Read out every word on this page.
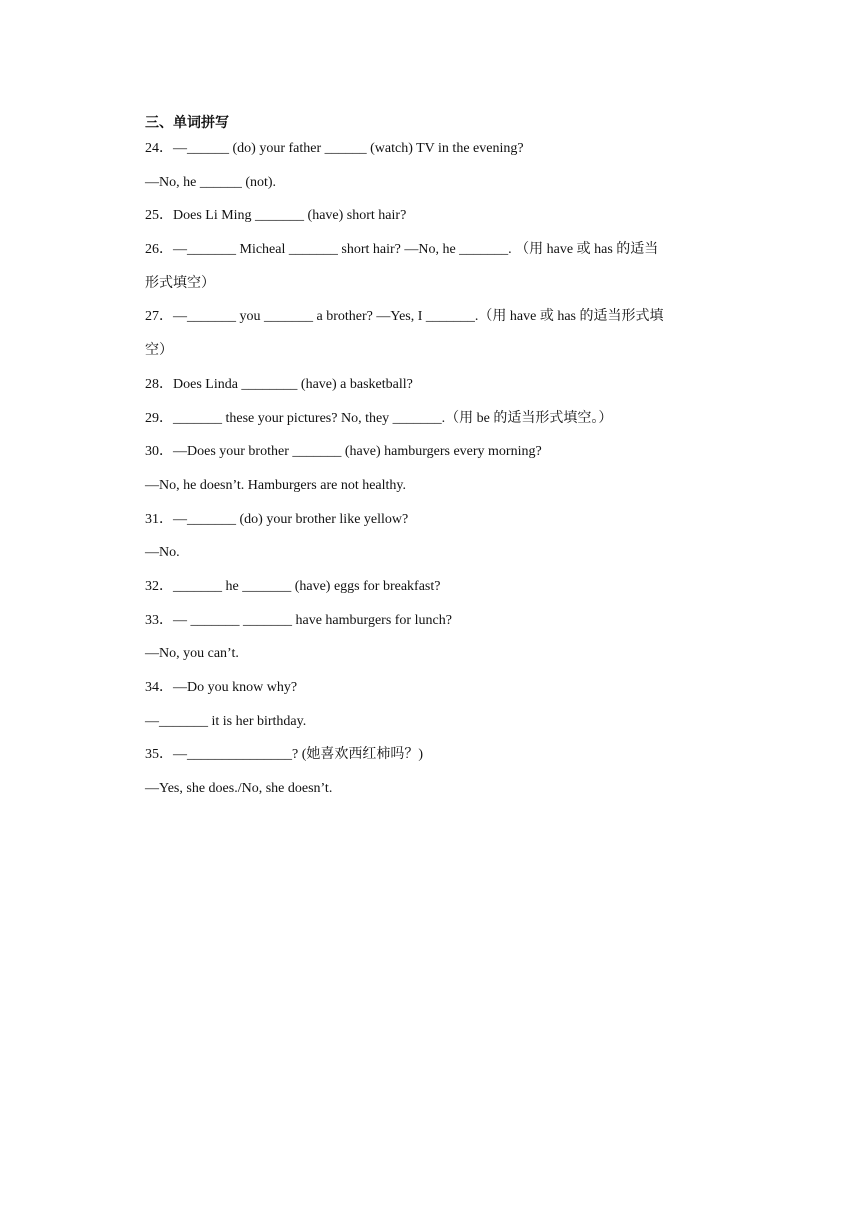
三、单词拼写
24．—______ (do) your father ______ (watch) TV in the evening?
—No, he ______ (not).
25．Does Li Ming _______ (have) short hair?
26．—_______ Micheal _______ short hair? —No, he _______. （用 have 或 has 的适当
形式填空）
27．—_______ you _______ a brother? —Yes, I _______.（用 have 或 has 的适当形式填
空）
28．Does Linda ________ (have) a basketball?
29．_______ these your pictures? No, they _______.（用 be 的适当形式填空。）
30．—Does your brother _______ (have) hamburgers every morning?
—No, he doesn’t. Hamburgers are not healthy.
31．—_______ (do) your brother like yellow?
—No.
32．_______ he _______ (have) eggs for breakfast?
33．— _______ _______ have hamburgers for lunch?
—No, you can’t.
34．—Do you know why?
—_______ it is her birthday.
35．—_______________? (她喜欢西红柿吗？)
—Yes, she does./No, she doesn’t.
